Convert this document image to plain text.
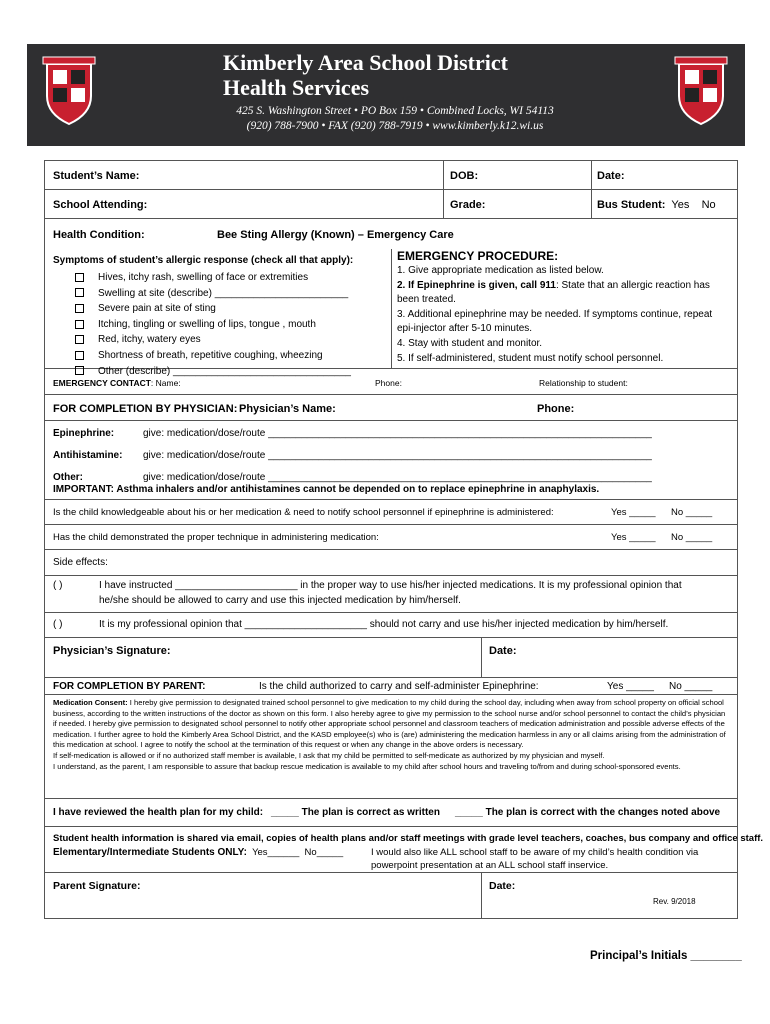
Kimberly Area School District
Health Services
425 S. Washington Street • PO Box 159 • Combined Locks, WI 54113
(920) 788-7900 • FAX (920) 788-7919 • www.kimberly.k12.wi.us
Student’s Name:	DOB:	Date:
School Attending:	Grade:	Bus Student: Yes No
Health Condition:	Bee Sting Allergy (Known) – Emergency Care
Symptoms of student’s allergic response (check all that apply):
Hives, itchy rash, swelling of face or extremities
Swelling at site (describe) ________________________
Severe pain at site of sting
Itching, tingling or swelling of lips, tongue , mouth
Red, itchy, watery eyes
Shortness of breath, repetitive coughing, wheezing
Other (describe) ________________________________
EMERGENCY PROCEDURE:
1. Give appropriate medication as listed below.
2. If Epinephrine is given, call 911: State that an allergic reaction has been treated.
3. Additional epinephrine may be needed. If symptoms continue, repeat epi-injector after 5-10 minutes.
4. Stay with student and monitor.
5. If self-administered, student must notify school personnel.
EMERGENCY CONTACT: Name:	Phone:	Relationship to student:
FOR COMPLETION BY PHYSICIAN: Physician’s Name:	Phone:
Epinephrine:	give: medication/dose/route _____________________________________________________________________
Antihistamine: give: medication/dose/route _____________________________________________________________________
Other:	give: medication/dose/route _____________________________________________________________________
IMPORTANT: Asthma inhalers and/or antihistamines cannot be depended on to replace epinephrine in anaphylaxis.
Is the child knowledgeable about his or her medication & need to notify school personnel if epinephrine is administered:	Yes _____ No _____
Has the child demonstrated the proper technique in administering medication:	Yes _____ No _____
Side effects:
( )	I have instructed ______________________ in the proper way to use his/her injected medications. It is my professional opinion that
he/she should be allowed to carry and use this injected medication by him/herself.
( )	It is my professional opinion that ______________________ should not carry and use his/her injected medication by him/herself.
Physician’s Signature:	Date:
FOR COMPLETION BY PARENT:	Is the child authorized to carry and self-administer Epinephrine:	Yes _____ No _____
Medication Consent: I hereby give permission to designated trained school personnel to give medication to my child during the school day, including when away from school property on official school business, according to the written instructions of the doctor as shown on this form. I also hereby agree to give my permission to the school nurse and/or school personnel to contact the child’s physician if needed. I hereby give permission to designated school personnel to notify other appropriate school personnel and classroom teachers of medication administration and possible adverse effects of the medication. I further agree to hold the Kimberly Area School District, and the KASD employee(s) who is (are) administering the medication harmless in any or all claims arising from the administration of this medication at school. I agree to notify the school at the termination of this request or when any change in the above orders is necessary.
If self-medication is allowed or if no authorized staff member is available, I ask that my child be permitted to self-medicate as authorized by my physician and myself.
I understand, as the parent, I am responsible to assure that backup rescue medication is available to my child after school hours and traveling to/from and during school-sponsored events.
I have reviewed the health plan for my child: _____ The plan is correct as written _____ The plan is correct with the changes noted above
Student health information is shared via email, copies of health plans and/or staff meetings with grade level teachers, coaches, bus company and office staff.
Elementary/Intermediate Students ONLY: Yes______ No_____	I would also like ALL school staff to be aware of my child’s health condition via powerpoint presentation at an ALL school staff inservice.
Parent Signature:	Date:
Rev. 9/2018
Principal’s Initials ________
